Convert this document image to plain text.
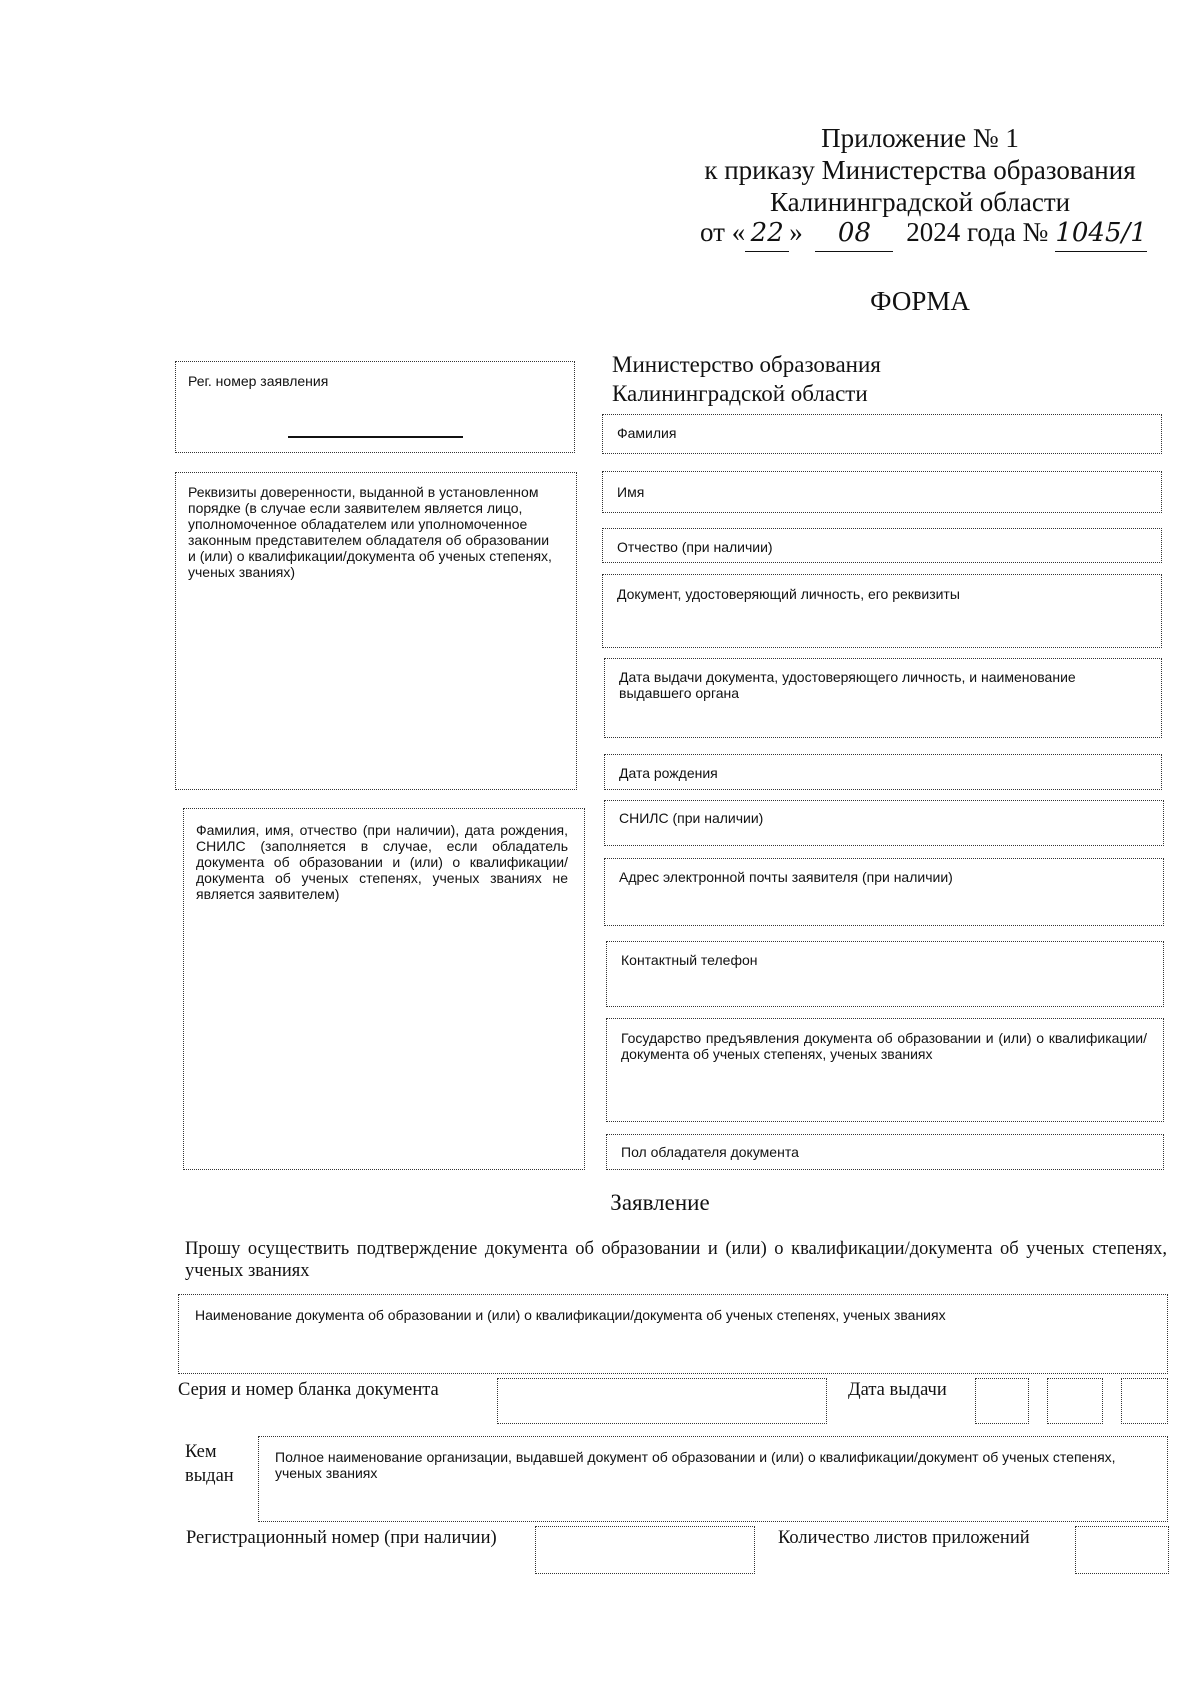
Приложение № 1
к приказу Министерства образования
Калининградской области
от « 22 » 08 2024 года № 1045/1
ФОРМА
Министерство образования
Калининградской области
Рег. номер заявления
Реквизиты доверенности, выданной в установленном порядке (в случае если заявителем является лицо, уполномоченное обладателем или уполномоченное законным представителем обладателя об образовании и (или) о квалификации/документа об ученых степенях, ученых званиях)
Фамилия, имя, отчество (при наличии), дата рождения, СНИЛС (заполняется в случае, если обладатель документа об образовании и (или) о квалификации/документа об ученых степенях, ученых званиях не является заявителем)
Фамилия
Имя
Отчество (при наличии)
Документ, удостоверяющий личность, его реквизиты
Дата выдачи документа, удостоверяющего личность, и наименование выдавшего органа
Дата рождения
СНИЛС (при наличии)
Адрес электронной почты заявителя (при наличии)
Контактный телефон
Государство предъявления документа об образовании и (или) о квалификации/документа об ученых степенях, ученых званиях
Пол обладателя документа
Заявление
Прошу осуществить подтверждение документа об образовании и (или) о квалификации/документа об ученых степенях, ученых званиях
Наименование документа об образовании и (или) о квалификации/документа об ученых степенях, ученых званиях
Серия и номер бланка документа	Дата выдачи
Кем выдан
Полное наименование организации, выдавшей документ об образовании и (или) о квалификации/документ об ученых степенях, ученых званиях
Регистрационный номер (при наличии)	Количество листов приложений
